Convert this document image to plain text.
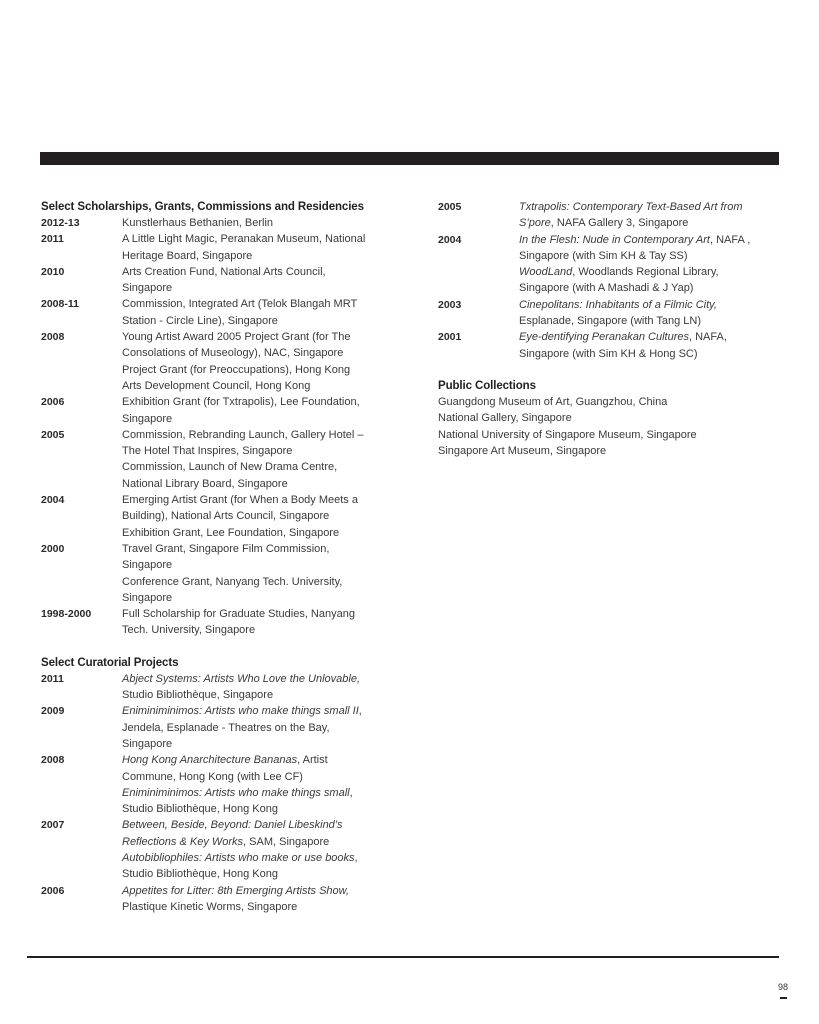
Select Scholarships, Grants, Commissions and Residencies
2012-13	Kunstlerhaus Bethanien, Berlin
2011	A Little Light Magic, Peranakan Museum, National
Heritage Board, Singapore
2010	Arts Creation Fund, National Arts Council,
Singapore
2008-11	Commission, Integrated Art (Telok Blangah MRT
Station - Circle Line), Singapore
2008	Young Artist Award 2005 Project Grant (for The
Consolations of Museology), NAC, Singapore
Project Grant (for Preoccupations), Hong Kong
Arts Development Council, Hong Kong
2006	Exhibition Grant (for Txtrapolis), Lee Foundation,
Singapore
2005	Commission, Rebranding Launch, Gallery Hotel –
The Hotel That Inspires, Singapore
Commission, Launch of New Drama Centre,
National Library Board, Singapore
2004	Emerging Artist Grant (for When a Body Meets a
Building), National Arts Council, Singapore
Exhibition Grant, Lee Foundation, Singapore
2000	Travel Grant, Singapore Film Commission,
Singapore
Conference Grant, Nanyang Tech. University,
Singapore
1998-2000	Full Scholarship for Graduate Studies, Nanyang
Tech. University, Singapore
Select Curatorial Projects
2011	Abject Systems: Artists Who Love the Unlovable,
Studio Bibliothèque, Singapore
2009	Eniminiminimos: Artists who make things small II,
Jendela, Esplanade - Theatres on the Bay,
Singapore
2008	Hong Kong Anarchitecture Bananas, Artist
Commune, Hong Kong (with Lee CF)
Eniminiminimos: Artists who make things small,
Studio Bibliothèque, Hong Kong
2007	Between, Beside, Beyond: Daniel Libeskind’s
Reflections & Key Works, SAM, Singapore
Autobibliophiles: Artists who make or use books,
Studio Bibliothèque, Hong Kong
2006	Appetites for Litter: 8th Emerging Artists Show,
Plastique Kinetic Worms, Singapore
2005	Txtrapolis: Contemporary Text-Based Art from
S’pore, NAFA Gallery 3, Singapore
2004	In the Flesh: Nude in Contemporary Art, NAFA ,
Singapore (with Sim KH & Tay SS)
WoodLand, Woodlands Regional Library,
Singapore (with A Mashadi & J Yap)
2003	Cinepolitans: Inhabitants of a Filmic City,
Esplanade, Singapore (with Tang LN)
2001	Eye-dentifying Peranakan Cultures, NAFA,
Singapore (with Sim KH & Hong SC)
Public Collections
Guangdong Museum of Art, Guangzhou, China
National Gallery, Singapore
National University of Singapore Museum, Singapore
Singapore Art Museum, Singapore
98
